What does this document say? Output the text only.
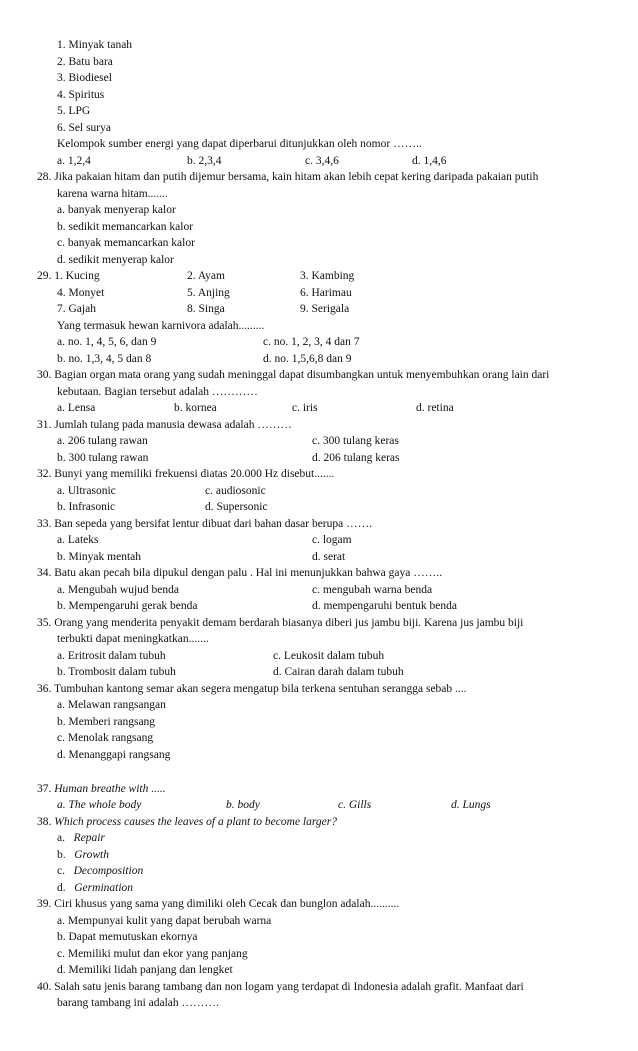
1. Minyak tanah
2. Batu bara
3. Biodiesel
4. Spiritus
5. LPG
6. Sel surya
Kelompok sumber energi yang dapat diperbarui ditunjukkan oleh nomor ……..
a. 1,2,4	b. 2,3,4	c. 3,4,6	d. 1,4,6
28. Jika pakaian hitam dan putih dijemur bersama, kain hitam akan lebih cepat kering daripada pakaian putih
karena warna hitam.......
a. banyak menyerap kalor
b. sedikit memancarkan kalor
c. banyak memancarkan kalor
d. sedikit menyerap kalor
29. 1. Kucing	2. Ayam	3. Kambing
4. Monyet	5. Anjing	6. Harimau
7. Gajah	8. Singa	9. Serigala
Yang termasuk hewan karnivora adalah.........
a. no. 1, 4, 5, 6, dan 9	c. no. 1, 2, 3, 4 dan 7
b. no. 1,3, 4, 5 dan 8	d. no. 1,5,6,8 dan 9
30. Bagian organ mata orang yang sudah meninggal dapat disumbangkan untuk menyembuhkan orang lain dari
kebutaan. Bagian tersebut adalah …………
a. Lensa	b. kornea	c. iris	d. retina
31. Jumlah tulang pada manusia dewasa adalah ………
a. 206 tulang rawan	c. 300 tulang keras
b. 300 tulang rawan	d. 206 tulang keras
32. Bunyi yang memiliki frekuensi diatas 20.000 Hz disebut.......
a. Ultrasonic	c. audiosonic
b. Infrasonic	d. Supersonic
33. Ban sepeda yang bersifat lentur dibuat dari bahan dasar berupa …….
a. Lateks	c. logam
b. Minyak mentah	d. serat
34. Batu akan pecah bila dipukul dengan palu . Hal ini menunjukkan bahwa gaya ……..
a. Mengubah wujud benda	c. mengubah warna benda
b. Mempengaruhi gerak benda	d. mempengaruhi bentuk benda
35. Orang yang menderita penyakit demam berdarah biasanya diberi jus jambu biji. Karena jus jambu biji
terbukti dapat meningkatkan.......
a. Eritrosit dalam tubuh	c. Leukosit dalam tubuh
b. Trombosit dalam tubuh	d. Cairan darah dalam tubuh
36. Tumbuhan kantong semar akan segera mengatup bila terkena sentuhan serangga sebab ....
a. Melawan rangsangan
b. Memberi rangsang
c. Menolak rangsang
d. Menanggapi rangsang
37. Human breathe with .....
a. The whole body	b. body	c. Gills	d. Lungs
38. Which process causes the leaves of a plant to become larger?
a. Repair
b. Growth
c. Decomposition
d. Germination
39. Ciri khusus yang sama yang dimiliki oleh Cecak dan bunglon adalah..........
a. Mempunyai kulit yang dapat berubah warna
b. Dapat memutuskan ekornya
c. Memiliki mulut dan ekor yang panjang
d. Memiliki lidah panjang dan lengket
40. Salah satu jenis barang tambang dan non logam yang terdapat di Indonesia adalah grafit. Manfaat dari
barang tambang ini adalah ……….
